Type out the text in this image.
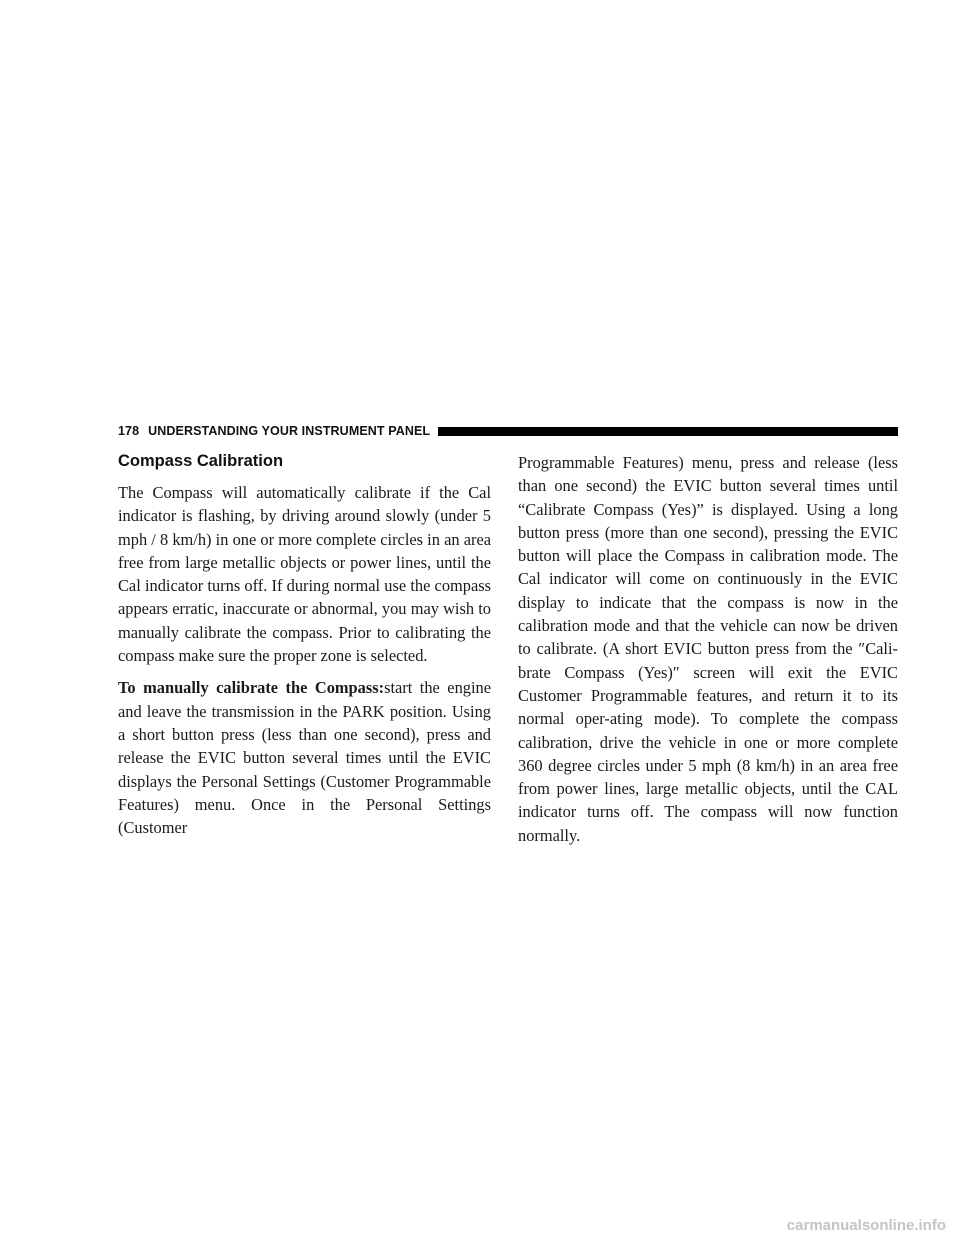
178 UNDERSTANDING YOUR INSTRUMENT PANEL
Compass Calibration

The Compass will automatically calibrate if the Cal indicator is flashing, by driving around slowly (under 5 mph / 8 km/h) in one or more complete circles in an area free from large metallic objects or power lines, until the Cal indicator turns off. If during normal use the compass appears erratic, inaccurate or abnormal, you may wish to manually calibrate the compass. Prior to calibrating the compass make sure the proper zone is selected.

To manually calibrate the Compass:start the engine and leave the transmission in the PARK position. Using a short button press (less than one second), press and release the EVIC button several times until the EVIC displays the Personal Settings (Customer Programmable Features) menu. Once in the Personal Settings (Customer

Programmable Features) menu, press and release (less than one second) the EVIC button several times until “Calibrate Compass (Yes)” is displayed. Using a long button press (more than one second), pressing the EVIC button will place the Compass in calibration mode. The Cal indicator will come on continuously in the EVIC display to indicate that the compass is now in the calibration mode and that the vehicle can now be driven to calibrate. (A short EVIC button press from the ″Cali-brate Compass (Yes)″ screen will exit the EVIC Customer Programmable features, and return it to its normal oper-ating mode). To complete the compass calibration, drive the vehicle in one or more complete 360 degree circles under 5 mph (8 km/h) in an area free from power lines, large metallic objects, until the CAL indicator turns off. The compass will now function normally.

carmanualsonline.info
